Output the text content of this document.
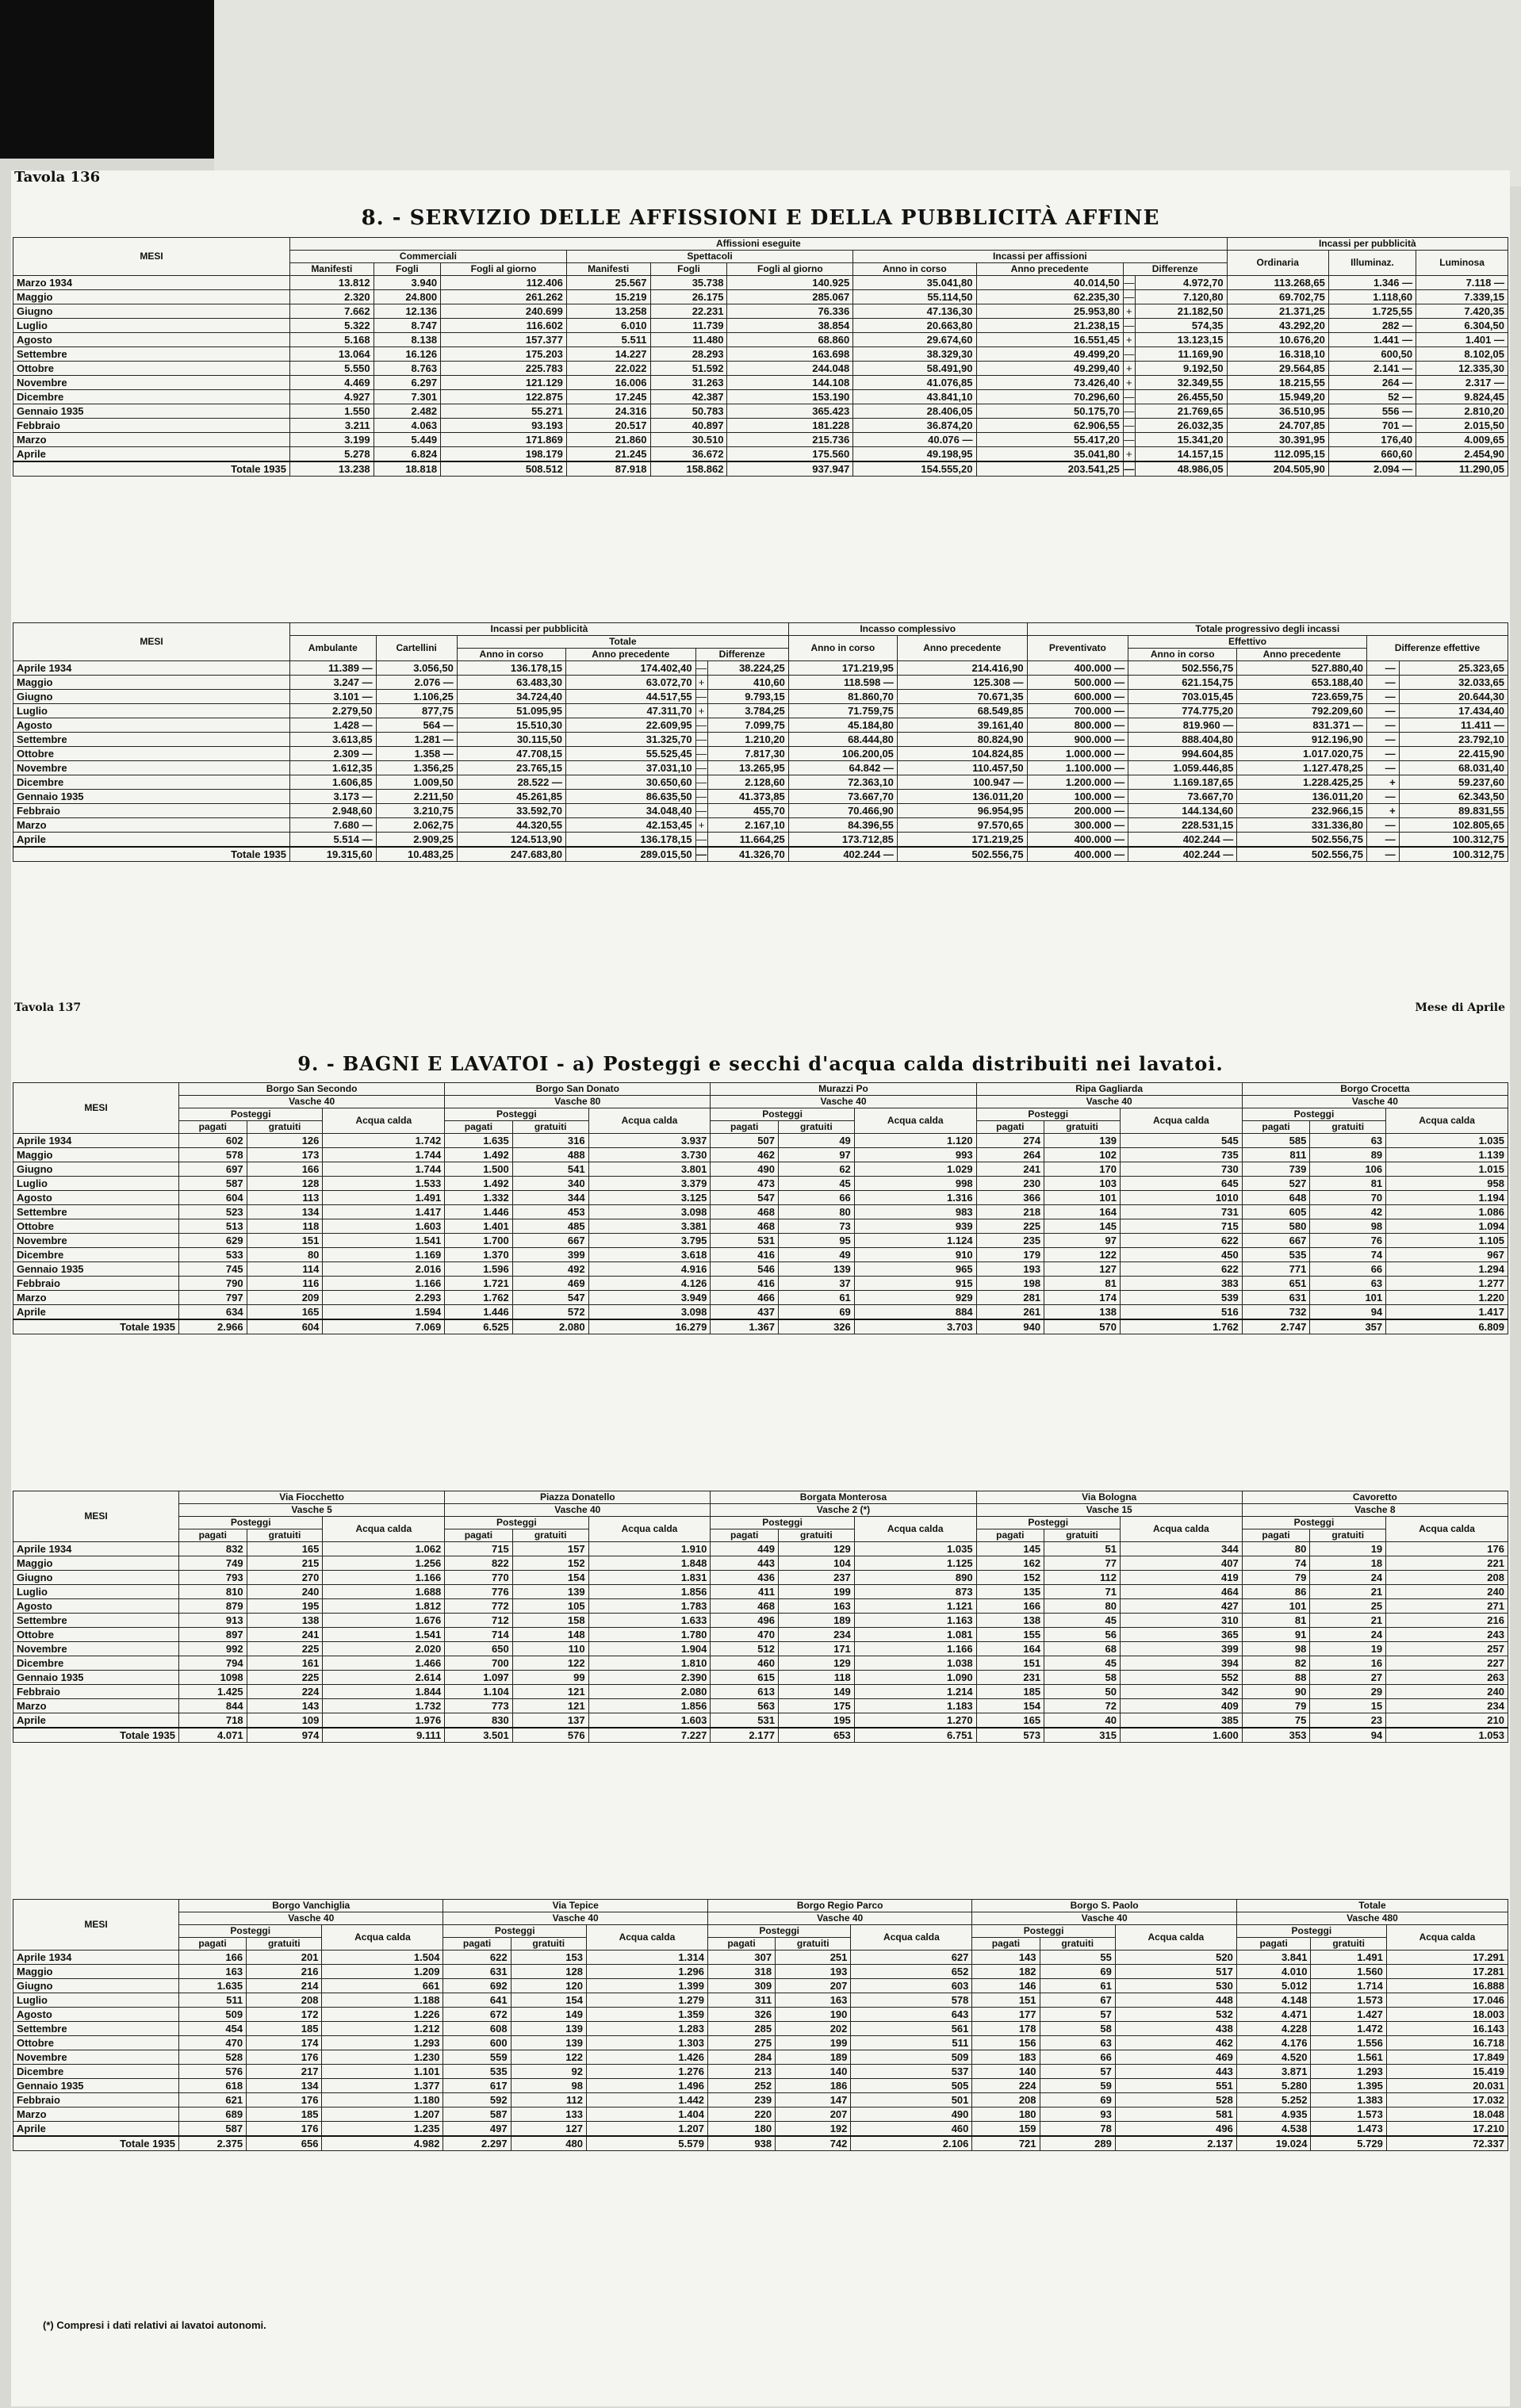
Tavola 136
8. - SERVIZIO DELLE AFFISSIONI E DELLA PUBBLICITÀ AFFINE
MESI	Affissioni eseguite										Incassi per pubblicità		
	Commerciali			Spettacoli			Incassi per affissioni				Ordinaria	Illuminaz.	Luminosa
	Manifesti	Fogli	Fogli al giorno	Manifesti	Fogli	Fogli al giorno	Anno in corso	Anno precedente	Differenze				
Marzo 1934	13.812	3.940	112.406	25.567	35.738	140.925	35.041,80	40.014,50	—	4.972,70	113.268,65	1.346 —	7.118 —
Maggio	2.320	24.800	261.262	15.219	26.175	285.067	55.114,50	62.235,30	—	7.120,80	69.702,75	1.118,60	7.339,15
Giugno	7.662	12.136	240.699	13.258	22.231	76.336	47.136,30	25.953,80	+	21.182,50	21.371,25	1.725,55	7.420,35
Luglio	5.322	8.747	116.602	6.010	11.739	38.854	20.663,80	21.238,15	—	574,35	43.292,20	282 —	6.304,50
Agosto	5.168	8.138	157.377	5.511	11.480	68.860	29.674,60	16.551,45	+	13.123,15	10.676,20	1.441 —	1.401 —
Settembre	13.064	16.126	175.203	14.227	28.293	163.698	38.329,30	49.499,20	—	11.169,90	16.318,10	600,50	8.102,05
Ottobre	5.550	8.763	225.783	22.022	51.592	244.048	58.491,90	49.299,40	+	9.192,50	29.564,85	2.141 —	12.335,30
Novembre	4.469	6.297	121.129	16.006	31.263	144.108	41.076,85	73.426,40	+	32.349,55	18.215,55	264 —	2.317 —
Dicembre	4.927	7.301	122.875	17.245	42.387	153.190	43.841,10	70.296,60	—	26.455,50	15.949,20	52 —	9.824,45
Gennaio 1935	1.550	2.482	55.271	24.316	50.783	365.423	28.406,05	50.175,70	—	21.769,65	36.510,95	556 —	2.810,20
Febbraio	3.211	4.063	93.193	20.517	40.897	181.228	36.874,20	62.906,55	—	26.032,35	24.707,85	701 —	2.015,50
Marzo	3.199	5.449	171.869	21.860	30.510	215.736	40.076 —	55.417,20	—	15.341,20	30.391,95	176,40	4.009,65
Aprile	5.278	6.824	198.179	21.245	36.672	175.560	49.198,95	35.041,80	+	14.157,15	112.095,15	660,60	2.454,90
Totale 1935	13.238	18.818	508.512	87.918	158.862	937.947	154.555,20	203.541,25	—	48.986,05	204.505,90	2.094 —	11.290,05
MESI	Incassi per pubblicità						Incasso complessivo		Totale progressivo degli incassi				
	Ambulante	Cartellini	Totale				Anno in corso	Anno precedente	Preventivato	Effettivo		Differenze effettive	
			Anno in corso	Anno precedente	Differenze					Anno in corso	Anno precedente		
Aprile 1934	11.389 —	3.056,50	136.178,15	174.402,40	—	38.224,25	171.219,95	214.416,90	400.000 —	502.556,75	527.880,40	—	25.323,65
Maggio	3.247 —	2.076 —	63.483,30	63.072,70	+	410,60	118.598 —	125.308 —	500.000 —	621.154,75	653.188,40	—	32.033,65
Giugno	3.101 —	1.106,25	34.724,40	44.517,55	—	9.793,15	81.860,70	70.671,35	600.000 —	703.015,45	723.659,75	—	20.644,30
Luglio	2.279,50	877,75	51.095,95	47.311,70	+	3.784,25	71.759,75	68.549,85	700.000 —	774.775,20	792.209,60	—	17.434,40
Agosto	1.428 —	564 —	15.510,30	22.609,95	—	7.099,75	45.184,80	39.161,40	800.000 —	819.960 —	831.371 —	—	11.411 —
Settembre	3.613,85	1.281 —	30.115,50	31.325,70	—	1.210,20	68.444,80	80.824,90	900.000 —	888.404,80	912.196,90	—	23.792,10
Ottobre	2.309 —	1.358 —	47.708,15	55.525,45	—	7.817,30	106.200,05	104.824,85	1.000.000 —	994.604,85	1.017.020,75	—	22.415,90
Novembre	1.612,35	1.356,25	23.765,15	37.031,10	—	13.265,95	64.842 —	110.457,50	1.100.000 —	1.059.446,85	1.127.478,25	—	68.031,40
Dicembre	1.606,85	1.009,50	28.522 —	30.650,60	—	2.128,60	72.363,10	100.947 —	1.200.000 —	1.169.187,65	1.228.425,25	+	59.237,60
Gennaio 1935	3.173 —	2.211,50	45.261,85	86.635,50	—	41.373,85	73.667,70	136.011,20	100.000 —	73.667,70	136.011,20	—	62.343,50
Febbraio	2.948,60	3.210,75	33.592,70	34.048,40	—	455,70	70.466,90	96.954,95	200.000 —	144.134,60	232.966,15	+	89.831,55
Marzo	7.680 —	2.062,75	44.320,55	42.153,45	+	2.167,10	84.396,55	97.570,65	300.000 —	228.531,15	331.336,80	—	102.805,65
Aprile	5.514 —	2.909,25	124.513,90	136.178,15	—	11.664,25	173.712,85	171.219,25	400.000 —	402.244 —	502.556,75	—	100.312,75
Totale 1935	19.315,60	10.483,25	247.683,80	289.015,50	—	41.326,70	402.244 —	502.556,75	400.000 —	402.244 —	502.556,75	—	100.312,75
Tavola 137	Mese di Aprile
9. - BAGNI E LAVATOI - a) Posteggi e secchi d'acqua calda distribuiti nei lavatoi.
MESI	Borgo San Secondo			Borgo San Donato			Murazzi Po			Ripa Gagliarda			Borgo Crocetta		
	Vasche 40			Vasche 80			Vasche 40			Vasche 40			Vasche 40		
	Posteggi		Acqua calda	Posteggi		Acqua calda	Posteggi		Acqua calda	Posteggi		Acqua calda	Posteggi		Acqua calda
	pagati	gratuiti		pagati	gratuiti		pagati	gratuiti		pagati	gratuiti		pagati	gratuiti	
Aprile 1934	602	126	1.742	1.635	316	3.937	507	49	1.120	274	139	545	585	63	1.035
Maggio	578	173	1.744	1.492	488	3.730	462	97	993	264	102	735	811	89	1.139
Giugno	697	166	1.744	1.500	541	3.801	490	62	1.029	241	170	730	739	106	1.015
Luglio	587	128	1.533	1.492	340	3.379	473	45	998	230	103	645	527	81	958
Agosto	604	113	1.491	1.332	344	3.125	547	66	1.316	366	101	1010	648	70	1.194
Settembre	523	134	1.417	1.446	453	3.098	468	80	983	218	164	731	605	42	1.086
Ottobre	513	118	1.603	1.401	485	3.381	468	73	939	225	145	715	580	98	1.094
Novembre	629	151	1.541	1.700	667	3.795	531	95	1.124	235	97	622	667	76	1.105
Dicembre	533	80	1.169	1.370	399	3.618	416	49	910	179	122	450	535	74	967
Gennaio 1935	745	114	2.016	1.596	492	4.916	546	139	965	193	127	622	771	66	1.294
Febbraio	790	116	1.166	1.721	469	4.126	416	37	915	198	81	383	651	63	1.277
Marzo	797	209	2.293	1.762	547	3.949	466	61	929	281	174	539	631	101	1.220
Aprile	634	165	1.594	1.446	572	3.098	437	69	884	261	138	516	732	94	1.417
Totale 1935	2.966	604	7.069	6.525	2.080	16.279	1.367	326	3.703	940	570	1.762	2.747	357	6.809
MESI	Via Fiocchetto			Piazza Donatello			Borgata Monterosa			Via Bologna			Cavoretto		
	Vasche 5			Vasche 40			Vasche 2 (*)			Vasche 15			Vasche 8		
	Posteggi		Acqua calda	Posteggi		Acqua calda	Posteggi		Acqua calda	Posteggi		Acqua calda	Posteggi		Acqua calda
	pagati	gratuiti		pagati	gratuiti		pagati	gratuiti		pagati	gratuiti		pagati	gratuiti	
Aprile 1934	832	165	1.062	715	157	1.910	449	129	1.035	145	51	344	80	19	176
Maggio	749	215	1.256	822	152	1.848	443	104	1.125	162	77	407	74	18	221
Giugno	793	270	1.166	770	154	1.831	436	237	890	152	112	419	79	24	208
Luglio	810	240	1.688	776	139	1.856	411	199	873	135	71	464	86	21	240
Agosto	879	195	1.812	772	105	1.783	468	163	1.121	166	80	427	101	25	271
Settembre	913	138	1.676	712	158	1.633	496	189	1.163	138	45	310	81	21	216
Ottobre	897	241	1.541	714	148	1.780	470	234	1.081	155	56	365	91	24	243
Novembre	992	225	2.020	650	110	1.904	512	171	1.166	164	68	399	98	19	257
Dicembre	794	161	1.466	700	122	1.810	460	129	1.038	151	45	394	82	16	227
Gennaio 1935	1098	225	2.614	1.097	99	2.390	615	118	1.090	231	58	552	88	27	263
Febbraio	1.425	224	1.844	1.104	121	2.080	613	149	1.214	185	50	342	90	29	240
Marzo	844	143	1.732	773	121	1.856	563	175	1.183	154	72	409	79	15	234
Aprile	718	109	1.976	830	137	1.603	531	195	1.270	165	40	385	75	23	210
Totale 1935	4.071	974	9.111	3.501	576	7.227	2.177	653	6.751	573	315	1.600	353	94	1.053
MESI	Borgo Vanchiglia			Via Tepice			Borgo Regio Parco			Borgo S. Paolo			Totale		
	Vasche 40			Vasche 40			Vasche 40			Vasche 40			Vasche 480		
	Posteggi		Acqua calda	Posteggi		Acqua calda	Posteggi		Acqua calda	Posteggi		Acqua calda	Posteggi		Acqua calda
	pagati	gratuiti		pagati	gratuiti		pagati	gratuiti		pagati	gratuiti		pagati	gratuiti	
Aprile 1934	166	201	1.504	622	153	1.314	307	251	627	143	55	520	3.841	1.491	17.291
Maggio	163	216	1.209	631	128	1.296	318	193	652	182	69	517	4.010	1.560	17.281
Giugno	1.635	214	661	692	120	1.399	309	207	603	146	61	530	5.012	1.714	16.888
Luglio	511	208	1.188	641	154	1.279	311	163	578	151	67	448	4.148	1.573	17.046
Agosto	509	172	1.226	672	149	1.359	326	190	643	177	57	532	4.471	1.427	18.003
Settembre	454	185	1.212	608	139	1.283	285	202	561	178	58	438	4.228	1.472	16.143
Ottobre	470	174	1.293	600	139	1.303	275	199	511	156	63	462	4.176	1.556	16.718
Novembre	528	176	1.230	559	122	1.426	284	189	509	183	66	469	4.520	1.561	17.849
Dicembre	576	217	1.101	535	92	1.276	213	140	537	140	57	443	3.871	1.293	15.419
Gennaio 1935	618	134	1.377	617	98	1.496	252	186	505	224	59	551	5.280	1.395	20.031
Febbraio	621	176	1.180	592	112	1.442	239	147	501	208	69	528	5.252	1.383	17.032
Marzo	689	185	1.207	587	133	1.404	220	207	490	180	93	581	4.935	1.573	18.048
Aprile	587	176	1.235	497	127	1.207	180	192	460	159	78	496	4.538	1.473	17.210
Totale 1935	2.375	656	4.982	2.297	480	5.579	938	742	2.106	721	289	2.137	19.024	5.729	72.337
(*) Compresi i dati relativi ai lavatoi autonomi.
